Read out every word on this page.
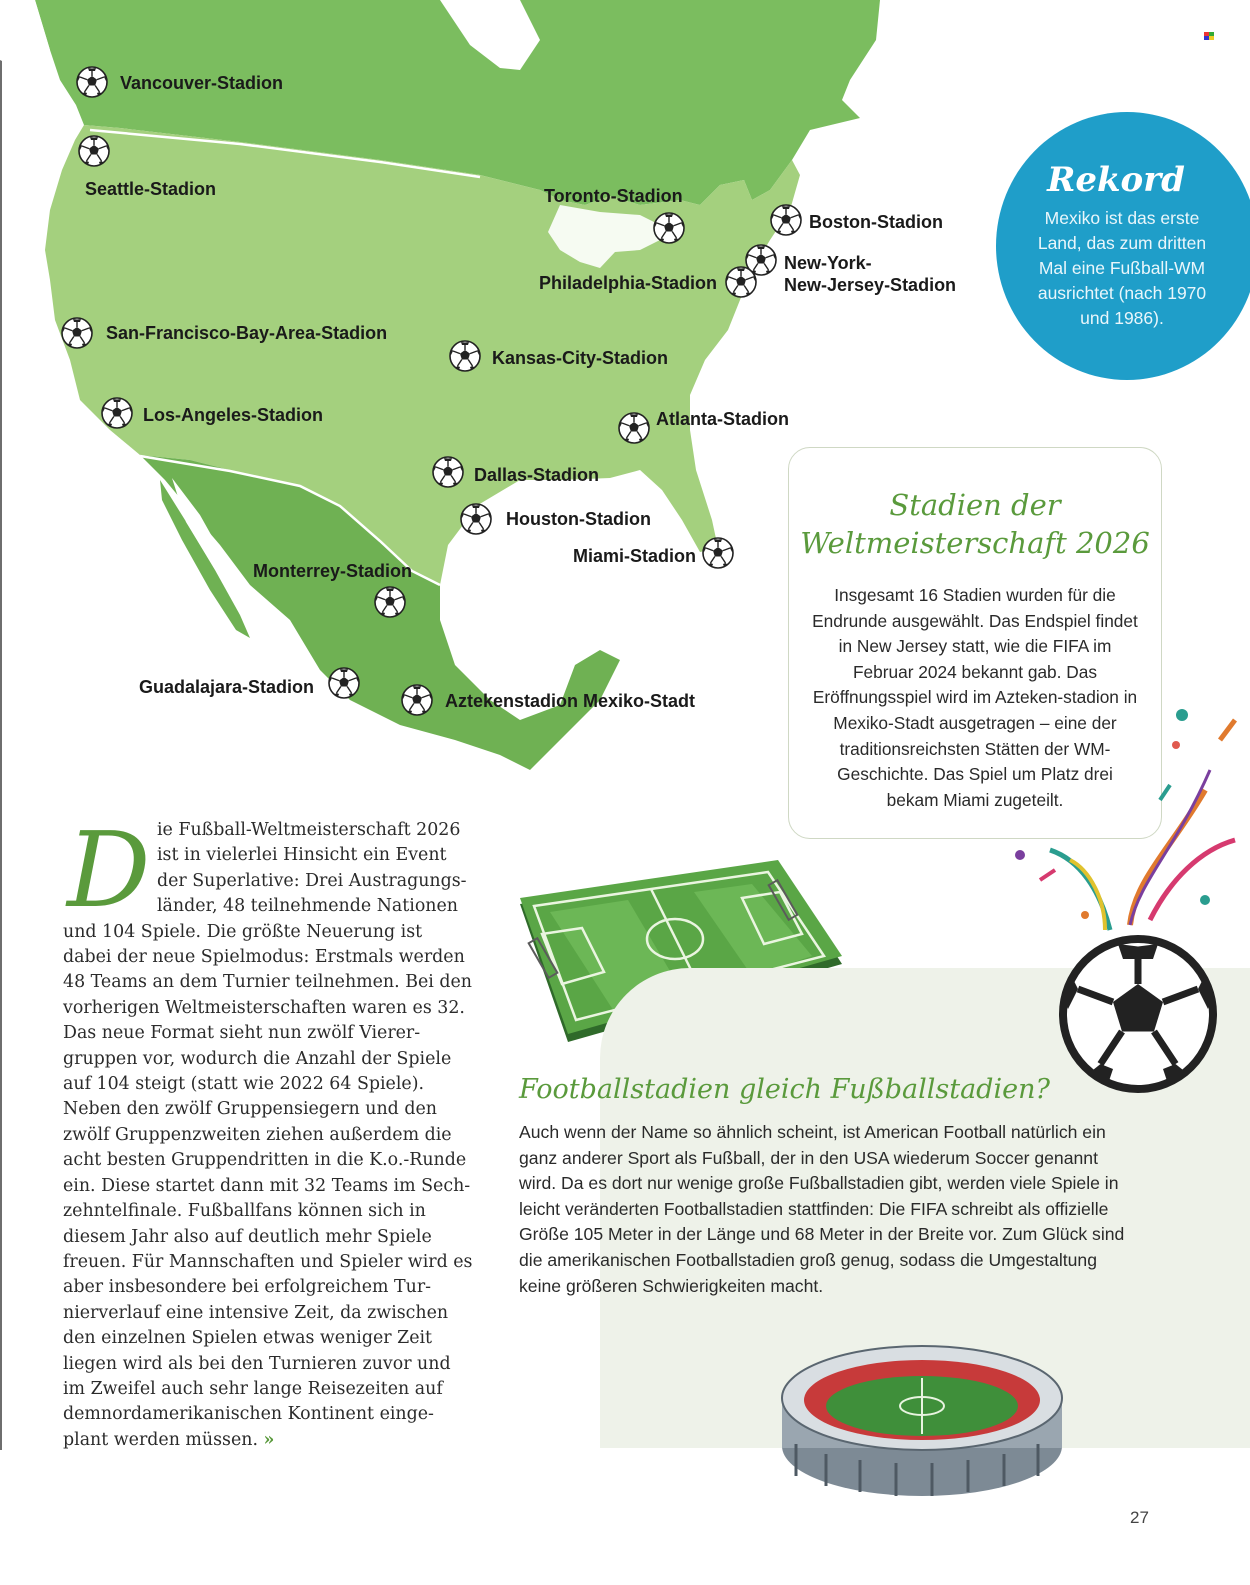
Vancouver-Stadion
Seattle-Stadion	Toronto-Stadion
Boston-Stadion
New-York-
New-Jersey-Stadion
Philadelphia-Stadion
San-Francisco-Bay-Area-Stadion
Kansas-City-Stadion
Los-Angeles-Stadion	Atlanta-Stadion
Dallas-Stadion
Houston-Stadion
Miami-Stadion
Monterrey-Stadion
Guadalajara-Stadion
Aztekenstadion Mexiko-Stadt
Rekord
Mexiko ist das erste Land, das zum dritten Mal eine Fußball-WM ausrichtet (nach 1970 und 1986).
Stadien der
Weltmeisterschaft 2026
Insgesamt 16 Stadien wurden für die Endrunde ausgewählt. Das Endspiel findet in New Jersey statt, wie die FIFA im Februar 2024 bekannt gab. Das Eröffnungsspiel wird im Azteken-stadion in Mexiko-Stadt ausgetragen – eine der traditionsreichsten Stätten der WM-Geschichte. Das Spiel um Platz drei bekam Miami zugeteilt.
D ie Fußball-Weltmeisterschaft 2026 ist in vielerlei Hinsicht ein Event der Superlative: Drei Austragungs-länder, 48 teilnehmende Nationen und 104 Spiele. Die größte Neuerung ist dabei der neue Spielmodus: Erstmals werden 48 Teams an dem Turnier teilnehmen. Bei den vorherigen Weltmeisterschaften waren es 32. Das neue Format sieht nun zwölf Vierer-gruppen vor, wodurch die Anzahl der Spiele auf 104 steigt (statt wie 2022 64 Spiele). Neben den zwölf Gruppensiegern und den zwölf Gruppenzweiten ziehen außerdem die acht besten Gruppendritten in die K.o.-Runde ein. Diese startet dann mit 32 Teams im Sech-zehntelfinale. Fußballfans können sich in diesem Jahr also auf deutlich mehr Spiele freuen. Für Mannschaften und Spieler wird es aber insbesondere bei erfolgreichem Tur-nierverlauf eine intensive Zeit, da zwischen den einzelnen Spielen etwas weniger Zeit liegen wird als bei den Turnieren zuvor und im Zweifel auch sehr lange Reisezeiten auf demnordamerikanischen Kontinent einge-plant werden müssen. »
Footballstadien gleich Fußballstadien?
Auch wenn der Name so ähnlich scheint, ist American Football natürlich ein ganz anderer Sport als Fußball, der in den USA wiederum Soccer genannt wird. Da es dort nur wenige große Fußballstadien gibt, werden viele Spiele in leicht veränderten Footballstadien stattfinden: Die FIFA schreibt als offizielle Größe 105 Meter in der Länge und 68 Meter in der Breite vor. Zum Glück sind die amerikanischen Footballstadien groß genug, sodass die Umgestaltung keine größeren Schwierigkeiten macht.
27
